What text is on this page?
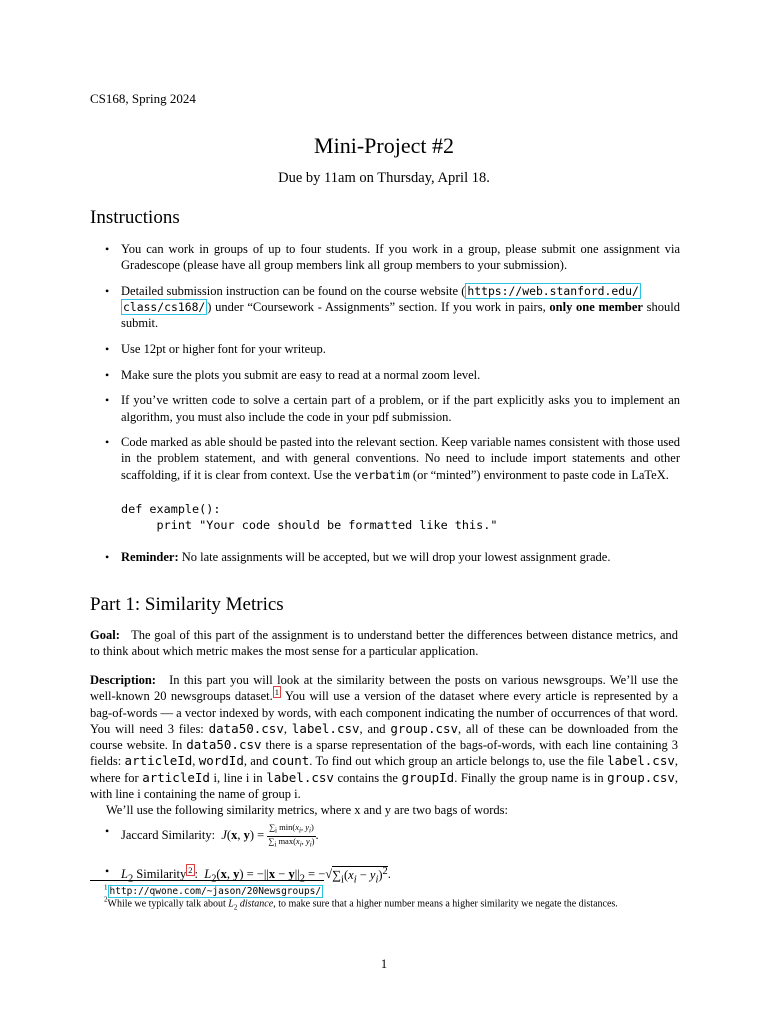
CS168, Spring 2024
Mini-Project #2
Due by 11am on Thursday, April 18.
Instructions
• You can work in groups of up to four students. If you work in a group, please submit one assignment via Gradescope (please have all group members link all group members to your submission).
• Detailed submission instruction can be found on the course website ( https://web.stanford.edu/
class/cs168/ ) under “Coursework - Assignments” section. If you work in pairs, only one member should submit.
• Use 12pt or higher font for your writeup.
• Make sure the plots you submit are easy to read at a normal zoom level.
• If you’ve written code to solve a certain part of a problem, or if the part explicitly asks you to implement an algorithm, you must also include the code in your pdf submission.
• Code marked as able should be pasted into the relevant section. Keep variable names consistent with those used in the problem statement, and with general conventions. No need to include import statements and other scaffolding, if it is clear from context. Use the verbatim (or “minted”) environment to paste code in LaTeX.
def example():
print "Your code should be formatted like this."
• Reminder: No late assignments will be accepted, but we will drop your lowest assignment grade.
Part 1: Similarity Metrics
Goal: The goal of this part of the assignment is to understand better the differences between distance metrics, and to think about which metric makes the most sense for a particular application.
Description: In this part you will look at the similarity between the posts on various newsgroups. We’ll use the well-known 20 newsgroups dataset. $^1$ You will use a version of the dataset where every article is represented by a bag-of-words — a vector indexed by words, with each component indicating the number of occurrences of that word. You will need 3 files: data50.csv, label.csv, and group.csv, all of these can be downloaded from the course website. In data50.csv there is a sparse representation of the bags-of-words, with each line containing 3 fields: articleId, wordId, and count. To find out which group an article belongs to, use the file label.csv, where for articleId i, line i in label.csv contains the groupId. Finally the group name is in group.csv, with line i containing the name of group i.
We’ll use the following similarity metrics, where x and y are two bags of words:
• Jaccard Similarity: J(x, $y) = \frac{\sum_i \min(x_i, y_i)}{\sum_i \max(x_i, y_i)}$ .
• $L_2$ Similarity $^2$ :  $L_2(x$, $y) = -||x - y||_2 = -√\sum_i(x_i - y_i)^2$.
$^1$ http://qwone.com/~jason/20Newsgroups/
$^2$While we typically talk about $L_2$ distance, to make sure that a higher number means a higher similarity we negate the distances.
1
